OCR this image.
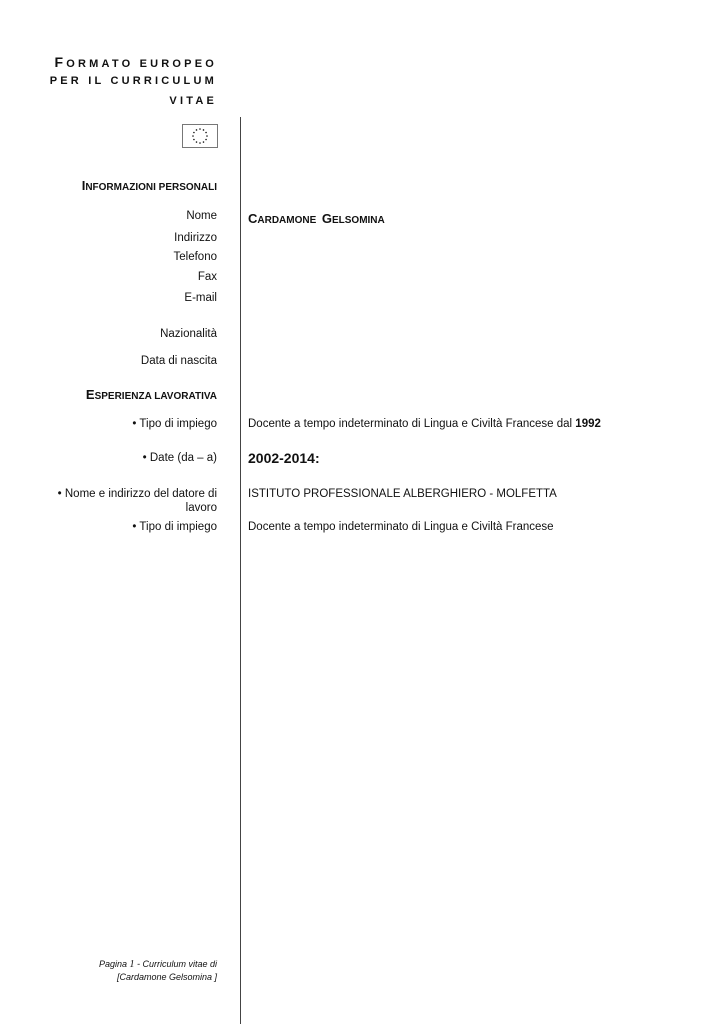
FORMATO EUROPEO
PER IL CURRICULUM
VITAE
INFORMAZIONI PERSONALI
Nome CARDAMONE GELSOMINA
Indirizzo
Telefono
Fax
E-mail
Nazionalità
Data di nascita
ESPERIENZA LAVORATIVA
• Tipo di impiego	Docente a tempo indeterminato di Lingua e Civiltà Francese dal 1992
• Date (da – a) 2002-2014:
• Nome e indirizzo del datore di
lavoro
ISTITUTO PROFESSIONALE ALBERGHIERO - MOLFETTA
• Tipo di impiego	Docente a tempo indeterminato di Lingua e Civiltà Francese
Pagina 1 - Curriculum vitae di
[Cardamone Gelsomina ]
